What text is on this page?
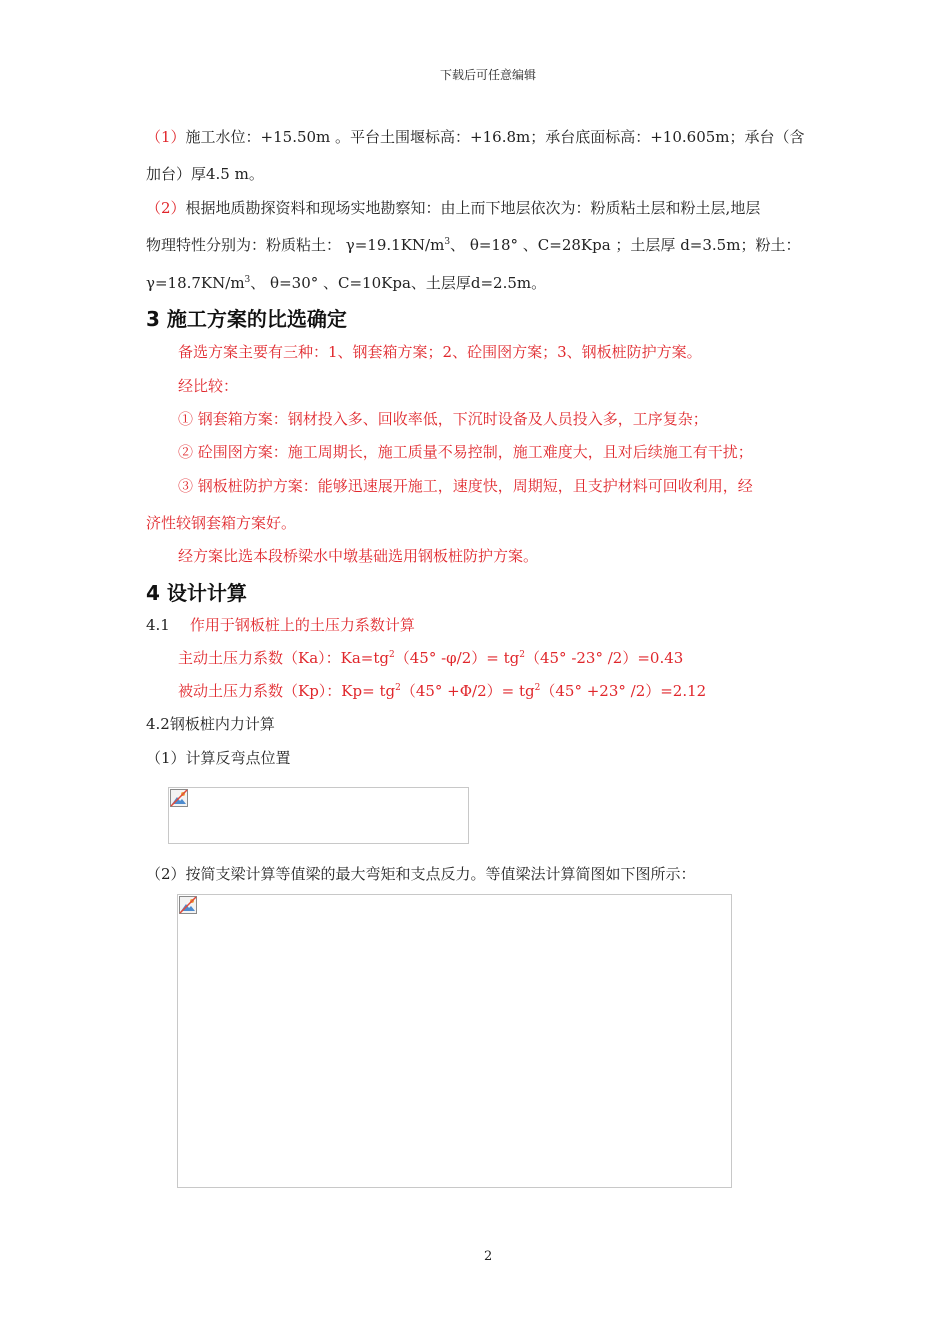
下载后可任意编辑
（1）施工水位：+15.50m 。平台土围堰标高：+16.8m；承台底面标高：+10.605m；承台（含
加台）厚4.5 m。
（2）根据地质勘探资料和现场实地勘察知：由上而下地层依次为：粉质粘土层和粉土层,地层
物理特性分别为：粉质粘土： $\gamma=19.1KN/m^3$、 θ=18° 、C=28Kpa ；土层厚 d=3.5m；粉土：
$\gamma=18.7KN/m^3$、 θ=30° 、C=10Kpa、土层厚d=2.5m。
3 施工方案的比选确定
备选方案主要有三种：1、钢套箱方案；2、砼围囹方案；3、钢板桩防护方案。
经比较：
① 钢套箱方案：钢材投入多、回收率低，下沉时设备及人员投入多，工序复杂；
② 砼围囹方案：施工周期长，施工质量不易控制，施工难度大，且对后续施工有干扰；
③ 钢板桩防护方案：能够迅速展开施工，速度快，周期短，且支护材料可回收利用，经
济性较钢套箱方案好。
经方案比选本段桥梁水中墩基础选用钢板桩防护方案。
4 设计计算
4.1 作用于钢板桩上的土压力系数计算
主动土压力系数（Ka）：$Ka=tg^2(45^\circ$ $-\varphi/2)= tg^2(45^\circ$ -23° /2）=0.43
被动土压力系数（Kp）：$Kp= tg^2(45^\circ +\Phi/2)= tg^2(45^\circ +23^\circ$ /2）=2.12
4.2钢板桩内力计算
（1）计算反弯点位置
（2）按简支梁计算等值梁的最大弯矩和支点反力。等值梁法计算简图如下图所示：
2
